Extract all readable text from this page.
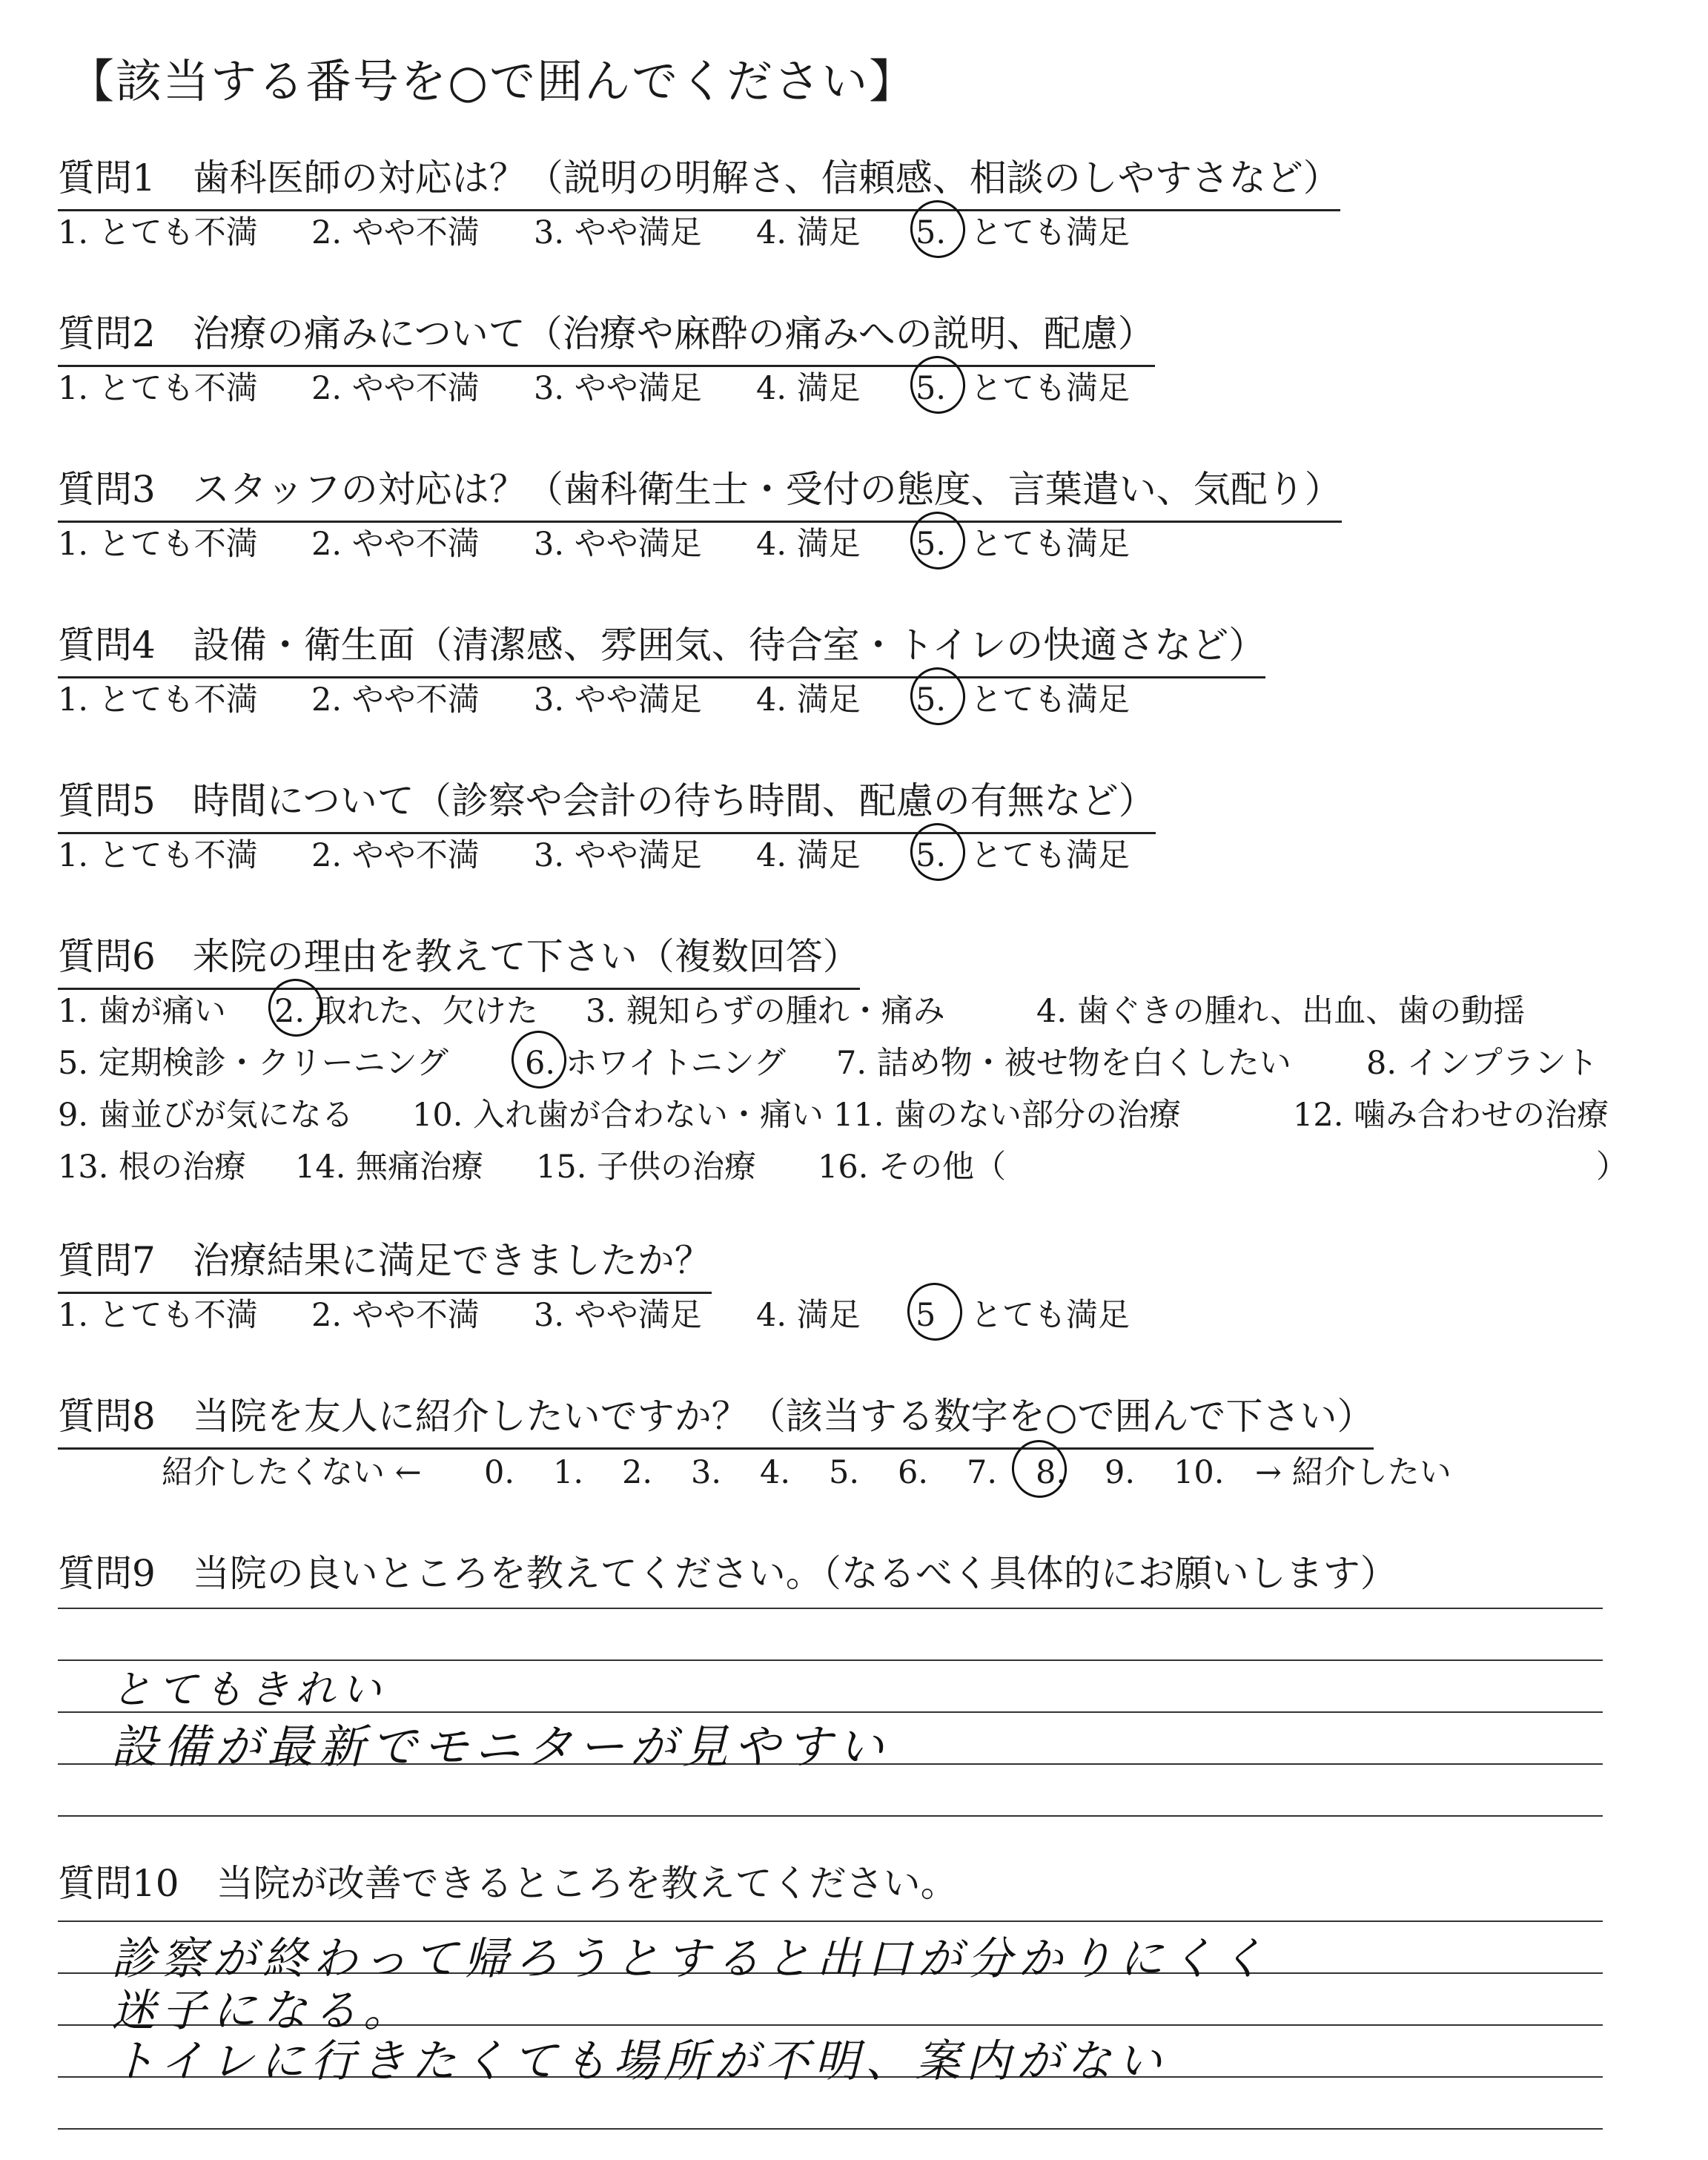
【該当する番号を○で囲んでください】
質問1　歯科医師の対応は？（説明の明解さ、信頼感、相談のしやすさなど）
1. とても不満 2. やや不満 3. やや満足 4. 満足 5. とても満足
質問2　治療の痛みについて（治療や麻酔の痛みへの説明、配慮）
1. とても不満 2. やや不満 3. やや満足 4. 満足 5. とても満足
質問3　スタッフの対応は？（歯科衛生士・受付の態度、言葉遣い、気配り）
1. とても不満 2. やや不満 3. やや満足 4. 満足 5. とても満足
質問4　設備・衛生面（清潔感、雰囲気、待合室・トイレの快適さなど）
1. とても不満 2. やや不満 3. やや満足 4. 満足 5. とても満足
質問5　時間について（診察や会計の待ち時間、配慮の有無など）
1. とても不満 2. やや不満 3. やや満足 4. 満足 5. とても満足
質問6　来院の理由を教えて下さい（複数回答）
1. 歯が痛い 2. 取れた、欠けた 3. 親知らずの腫れ・痛み	4. 歯ぐきの腫れ、出血、歯の動揺
5. 定期検診・クリーニング 6. ホワイトニング 7. 詰め物・被せ物を白くしたい 8. インプラント
9. 歯並びが気になる 10. 入れ歯が合わない・痛い 11. 歯のない部分の治療	12. 噛み合わせの治療
13. 根の治療 14. 無痛治療 15. 子供の治療 16. その他（	）
質問7　治療結果に満足できましたか？
1. とても不満 2. やや不満 3. やや満足 4. 満足 5 とても満足
質問8　当院を友人に紹介したいですか？（該当する数字を○で囲んで下さい）
紹介したくない ← 0. 1. 2. 3. 4. 5. 6. 7. 8. 9. 10. → 紹介したい
質問9　当院の良いところを教えてください。（なるべく具体的にお願いします）
とてもきれい
設備が最新でモニターが見やすい
質問10　当院が改善できるところを教えてください。
診察が終わって帰ろうとすると出口が分かりにくく
迷子になる。
トイレに行きたくても場所が不明、案内がない
